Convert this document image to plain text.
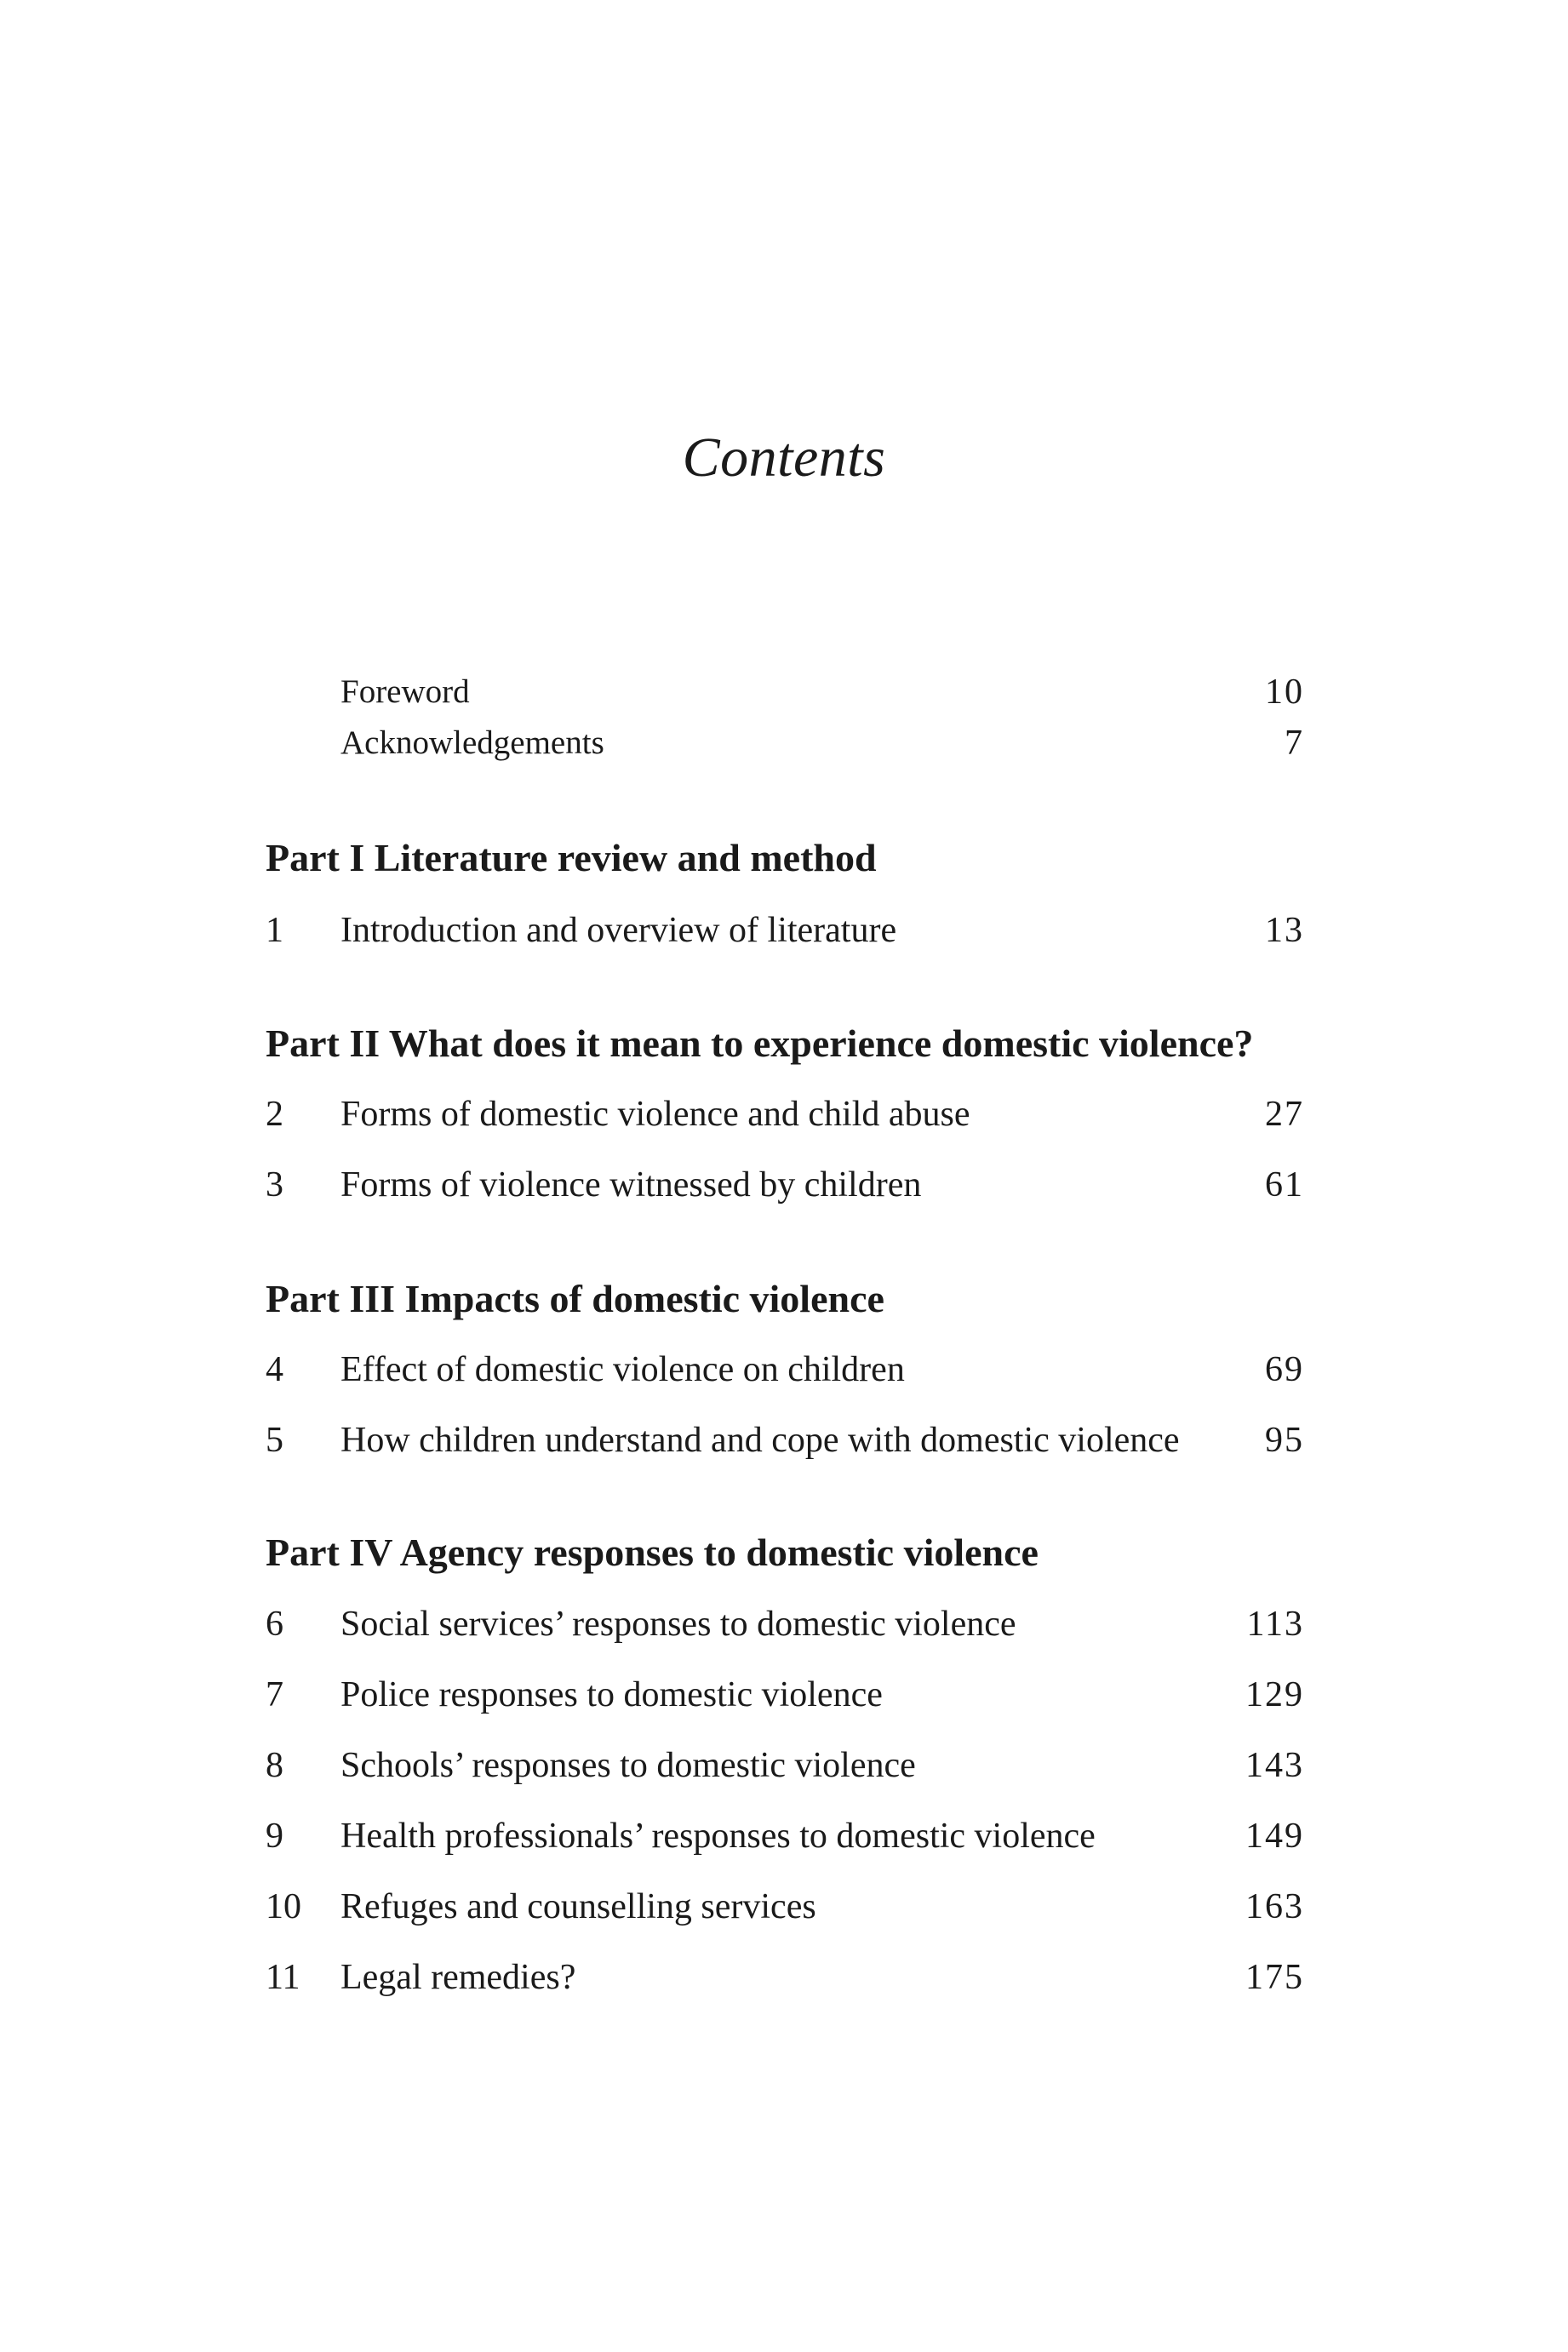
Contents
Foreword	10
Acknowledgements	7
Part I Literature review and method
1 Introduction and overview of literature	13
Part II What does it mean to experience domestic violence?
2 Forms of domestic violence and child abuse	27
3 Forms of violence witnessed by children	61
Part III Impacts of domestic violence
4 Effect of domestic violence on children	69
5 How children understand and cope with domestic violence 95
Part IV Agency responses to domestic violence
6 Social services’ responses to domestic violence	113
7 Police responses to domestic violence	129
8 Schools’ responses to domestic violence	143
9 Health professionals’ responses to domestic violence	149
10 Refuges and counselling services	163
11 Legal remedies?	175
